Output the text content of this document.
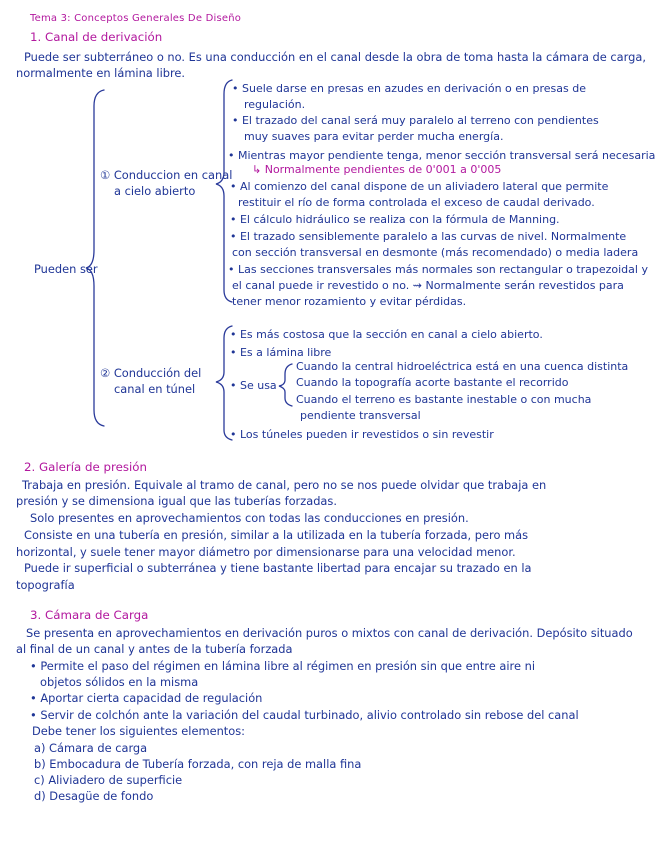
Tema 3: Conceptos Generales De Diseño
1. Canal de derivación
Puede ser subterráneo o no. Es una conducción en el canal desde la obra de toma hasta la cámara de carga,
normalmente en lámina libre.
Pueden ser
① Conduccion en canal
a cielo abierto
• Suele darse en presas en azudes en derivación o en presas de
regulación.
• El trazado del canal será muy paralelo al terreno con pendientes
muy suaves para evitar perder mucha energía.
• Mientras mayor pendiente tenga, menor sección transversal será necesaria
↳ Normalmente pendientes de 0'001 a 0'005
• Al comienzo del canal dispone de un aliviadero lateral que permite
restituir el río de forma controlada el exceso de caudal derivado.
• El cálculo hidráulico se realiza con la fórmula de Manning.
• El trazado sensiblemente paralelo a las curvas de nivel. Normalmente
con sección transversal en desmonte (más recomendado) o media ladera
• Las secciones transversales más normales son rectangular o trapezoidal y
el canal puede ir revestido o no. ⇝ Normalmente serán revestidos para
tener menor rozamiento y evitar pérdidas.
② Conducción del
canal en túnel
• Es más costosa que la sección en canal a cielo abierto.
• Es a lámina libre
• Se usa
Cuando la central hidroeléctrica está en una cuenca distinta
Cuando la topografía acorte bastante el recorrido
Cuando el terreno es bastante inestable o con mucha
pendiente transversal
• Los túneles pueden ir revestidos o sin revestir
2. Galería de presión
Trabaja en presión. Equivale al tramo de canal, pero no se nos puede olvidar que trabaja en
presión y se dimensiona igual que las tuberías forzadas.
Solo presentes en aprovechamientos con todas las conducciones en presión.
Consiste en una tubería en presión, similar a la utilizada en la tubería forzada, pero más
horizontal, y suele tener mayor diámetro por dimensionarse para una velocidad menor.
Puede ir superficial o subterránea y tiene bastante libertad para encajar su trazado en la
topografía
3. Cámara de Carga
Se presenta en aprovechamientos en derivación puros o mixtos con canal de derivación. Depósito situado
al final de un canal y antes de la tubería forzada
• Permite el paso del régimen en lámina libre al régimen en presión sin que entre aire ni
objetos sólidos en la misma
• Aportar cierta capacidad de regulación
• Servir de colchón ante la variación del caudal turbinado, alivio controlado sin rebose del canal
Debe tener los siguientes elementos:
a) Cámara de carga
b) Embocadura de Tubería forzada, con reja de malla fina
c) Aliviadero de superficie
d) Desagüe de fondo
